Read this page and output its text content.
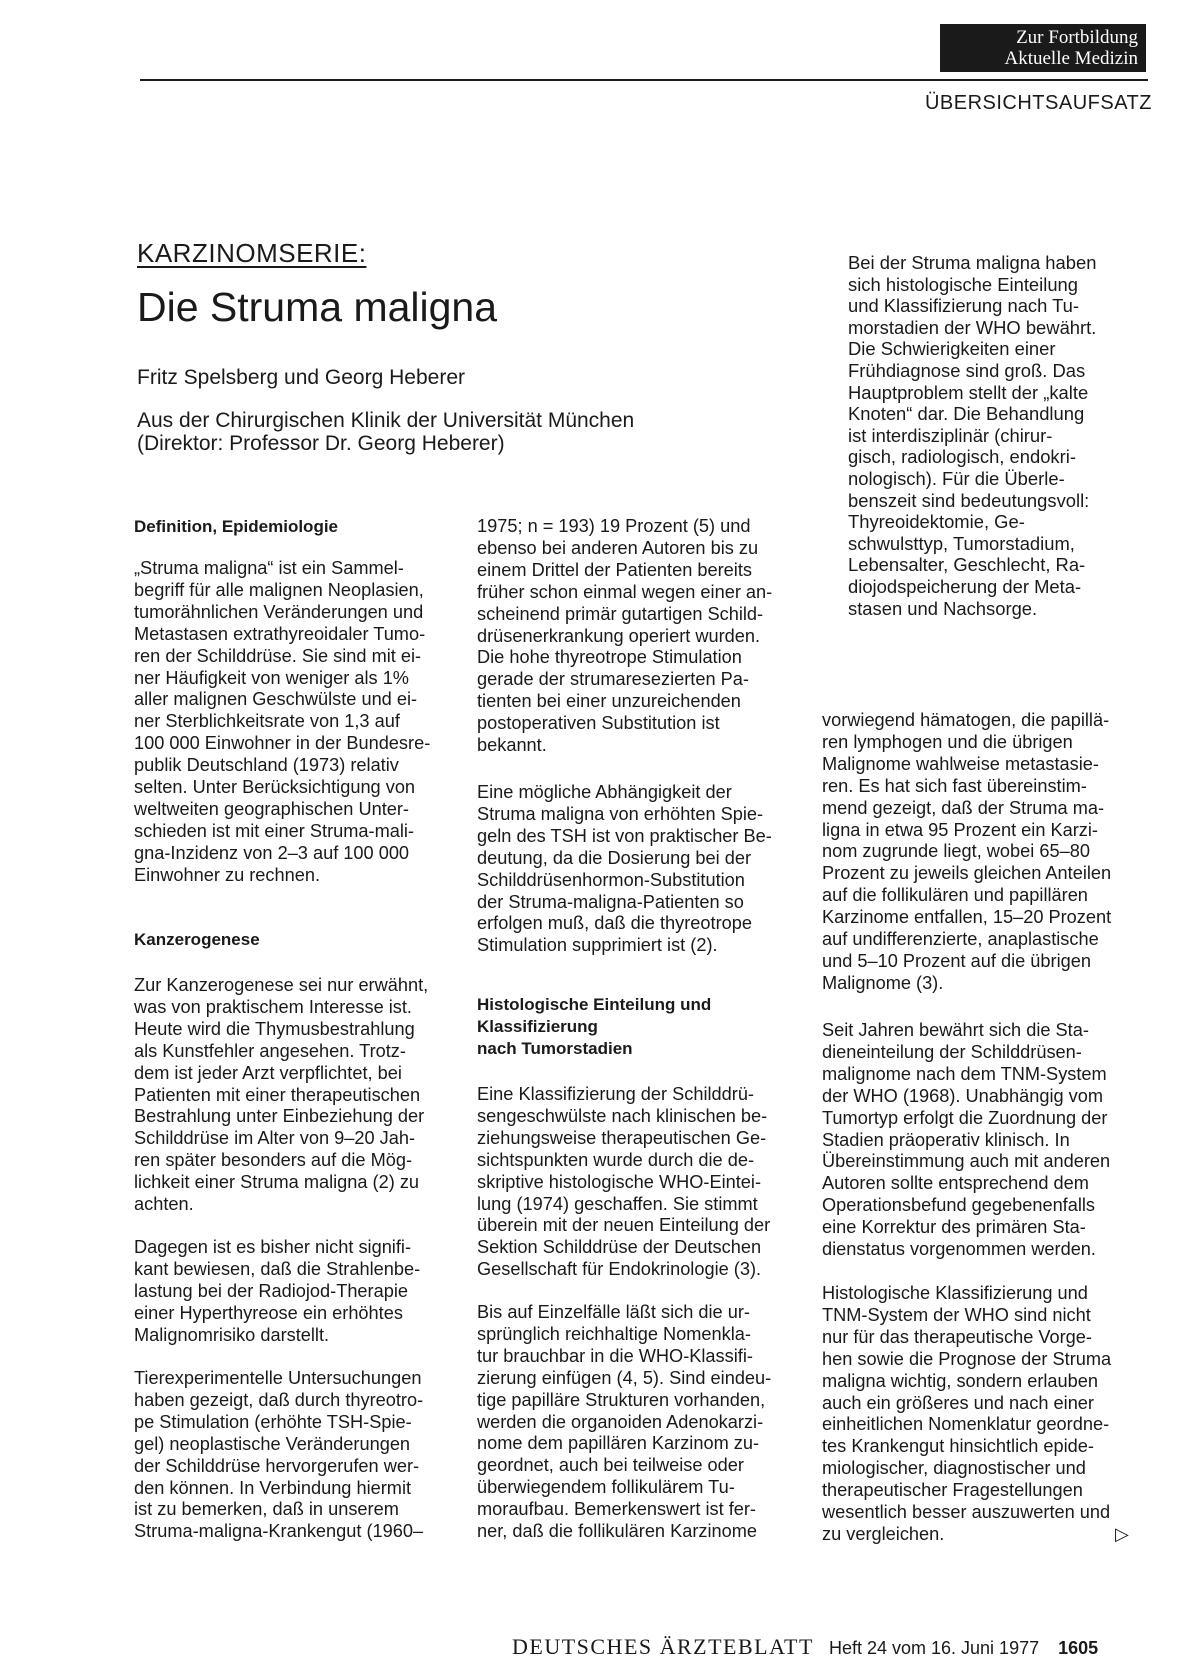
Zur Fortbildung
Aktuelle Medizin
ÜBERSICHTSAUFSATZ
KARZINOMSERIE:
Die Struma maligna
Fritz Spelsberg und Georg Heberer
Aus der Chirurgischen Klinik der Universität München
(Direktor: Professor Dr. Georg Heberer)
Bei der Struma maligna haben
sich histologische Einteilung
und Klassifizierung nach Tu-
morstadien der WHO bewährt.
Die Schwierigkeiten einer
Frühdiagnose sind groß. Das
Hauptproblem stellt der „kalte
Knoten“ dar. Die Behandlung
ist interdisziplinär (chirur-
gisch, radiologisch, endokri-
nologisch). Für die Überle-
benszeit sind bedeutungsvoll:
Thyreoidektomie, Ge-
schwulsttyp, Tumorstadium,
Lebensalter, Geschlecht, Ra-
diojodspeicherung der Meta-
stasen und Nachsorge.
Definition, Epidemiologie

„Struma maligna“ ist ein Sammel-
begriff für alle malignen Neoplasien,
tumorähnlichen Veränderungen und
Metastasen extrathyreoidaler Tumo-
ren der Schilddrüse. Sie sind mit ei-
ner Häufigkeit von weniger als 1%
aller malignen Geschwülste und ei-
ner Sterblichkeitsrate von 1,3 auf
100 000 Einwohner in der Bundesre-
publik Deutschland (1973) relativ
selten. Unter Berücksichtigung von
weltweiten geographischen Unter-
schieden ist mit einer Struma-mali-
gna-Inzidenz von 2–3 auf 100 000
Einwohner zu rechnen.

Kanzerogenese

Zur Kanzerogenese sei nur erwähnt,
was von praktischem Interesse ist.
Heute wird die Thymusbestrahlung
als Kunstfehler angesehen. Trotz-
dem ist jeder Arzt verpflichtet, bei
Patienten mit einer therapeutischen
Bestrahlung unter Einbeziehung der
Schilddrüse im Alter von 9–20 Jah-
ren später besonders auf die Mög-
lichkeit einer Struma maligna (2) zu
achten.

Dagegen ist es bisher nicht signifi-
kant bewiesen, daß die Strahlenbe-
lastung bei der Radiojod-Therapie
einer Hyperthyreose ein erhöhtes
Malignomrisiko darstellt.

Tierexperimentelle Untersuchungen
haben gezeigt, daß durch thyreotro-
pe Stimulation (erhöhte TSH-Spie-
gel) neoplastische Veränderungen
der Schilddrüse hervorgerufen wer-
den können. In Verbindung hiermit
ist zu bemerken, daß in unserem
Struma-maligna-Krankengut (1960–

1975; n = 193) 19 Prozent (5) und
ebenso bei anderen Autoren bis zu
einem Drittel der Patienten bereits
früher schon einmal wegen einer an-
scheinend primär gutartigen Schild-
drüsenerkrankung operiert wurden.
Die hohe thyreotrope Stimulation
gerade der strumaresezierten Pa-
tienten bei einer unzureichenden
postoperativen Substitution ist
bekannt.

Eine mögliche Abhängigkeit der
Struma maligna von erhöhten Spie-
geln des TSH ist von praktischer Be-
deutung, da die Dosierung bei der
Schilddrüsenhormon-Substitution
der Struma-maligna-Patienten so
erfolgen muß, daß die thyreotrope
Stimulation supprimiert ist (2).

Histologische Einteilung und
Klassifizierung
nach Tumorstadien

Eine Klassifizierung der Schilddrü-
sengeschwülste nach klinischen be-
ziehungsweise therapeutischen Ge-
sichtspunkten wurde durch die de-
skriptive histologische WHO-Eintei-
lung (1974) geschaffen. Sie stimmt
überein mit der neuen Einteilung der
Sektion Schilddrüse der Deutschen
Gesellschaft für Endokrinologie (3).

Bis auf Einzelfälle läßt sich die ur-
sprünglich reichhaltige Nomenkla-
tur brauchbar in die WHO-Klassifi-
zierung einfügen (4, 5). Sind eindeu-
tige papilläre Strukturen vorhanden,
werden die organoiden Adenokarzi-
nome dem papillären Karzinom zu-
geordnet, auch bei teilweise oder
überwiegendem follikulärem Tu-
moraufbau. Bemerkenswert ist fer-
ner, daß die follikulären Karzinome

vorwiegend hämatogen, die papillä-
ren lymphogen und die übrigen
Malignome wahlweise metastasie-
ren. Es hat sich fast übereinstim-
mend gezeigt, daß der Struma ma-
ligna in etwa 95 Prozent ein Karzi-
nom zugrunde liegt, wobei 65–80
Prozent zu jeweils gleichen Anteilen
auf die follikulären und papillären
Karzinome entfallen, 15–20 Prozent
auf undifferenzierte, anaplastische
und 5–10 Prozent auf die übrigen
Malignome (3).

Seit Jahren bewährt sich die Sta-
dieneinteilung der Schilddrüsen-
malignome nach dem TNM-System
der WHO (1968). Unabhängig vom
Tumortyp erfolgt die Zuordnung der
Stadien präoperativ klinisch. In
Übereinstimmung auch mit anderen
Autoren sollte entsprechend dem
Operationsbefund gegebenenfalls
eine Korrektur des primären Sta-
dienstatus vorgenommen werden.

Histologische Klassifizierung und
TNM-System der WHO sind nicht
nur für das therapeutische Vorge-
hen sowie die Prognose der Struma
maligna wichtig, sondern erlauben
auch ein größeres und nach einer
einheitlichen Nomenklatur geordne-
tes Krankengut hinsichtlich epide-
miologischer, diagnostischer und
therapeutischer Fragestellungen
wesentlich besser auszuwerten und
zu vergleichen.	▷
DEUTSCHES ÄRZTEBLATT Heft 24 vom 16. Juni 1977 1605
